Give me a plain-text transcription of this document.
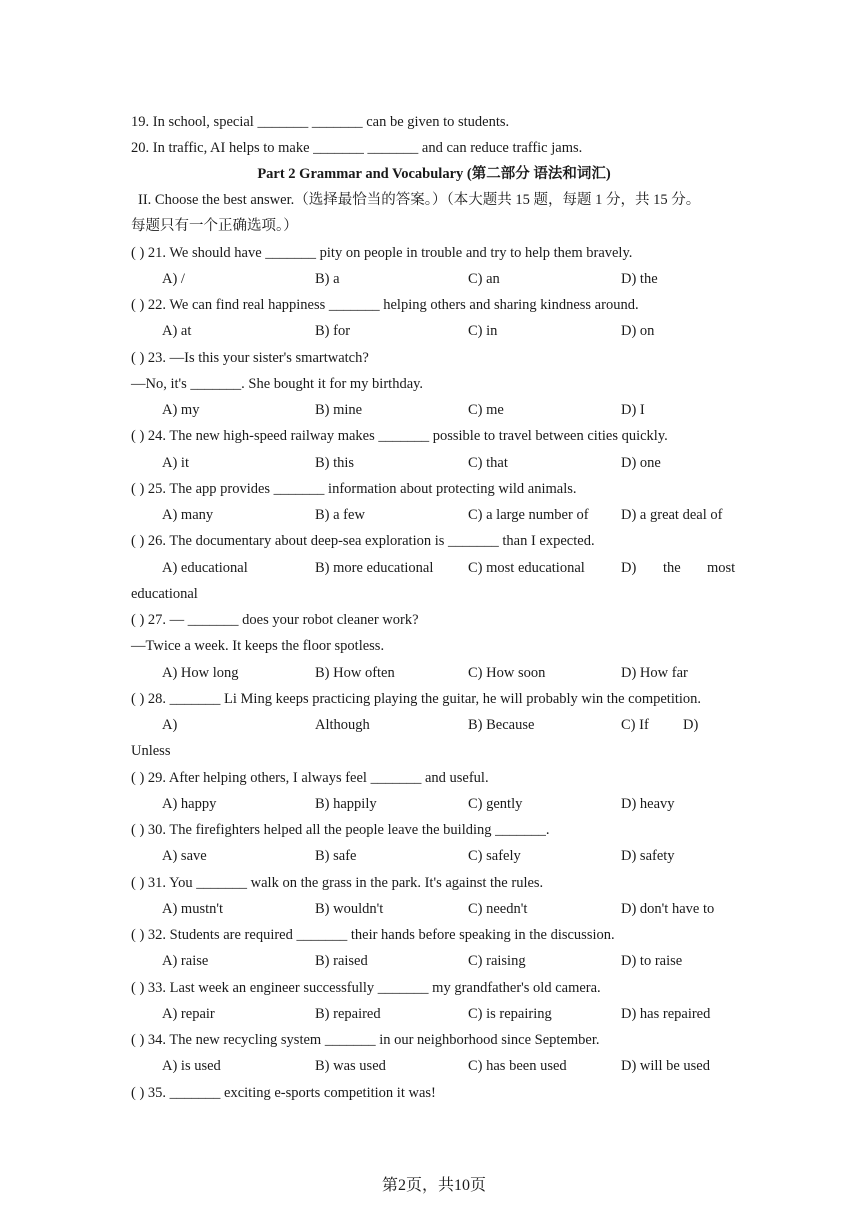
19. In school, special _______ _______ can be given to students.
20. In traffic, AI helps to make _______ _______ and can reduce traffic jams.
Part 2 Grammar and Vocabulary (第二部分 语法和词汇)
II. Choose the best answer.（选择最恰当的答案。）（本大题共 15 题，每题 1 分，共 15 分。
每题只有一个正确选项。）
( ) 21. We should have _______ pity on people in trouble and try to help them bravely.
A) /	B) a	C) an	D) the
( ) 22. We can find real happiness _______ helping others and sharing kindness around.
A) at	B) for	C) in	D) on
( ) 23. —Is this your sister's smartwatch?
—No, it's _______. She bought it for my birthday.
A) my	B) mine	C) me	D) I
( ) 24. The new high-speed railway makes _______ possible to travel between cities quickly.
A) it	B) this	C) that	D) one
( ) 25. The app provides _______ information about protecting wild animals.
A) many	B) a few	C) a large number of D) a great deal of
( ) 26. The documentary about deep-sea exploration is _______ than I expected.
A) educational	B) more educational C) most educational D) the most
educational
( ) 27. — _______ does your robot cleaner work?
—Twice a week. It keeps the floor spotless.
A) How long	B) How often	C) How soon	D) How far
( ) 28. _______ Li Ming keeps practicing playing the guitar, he will probably win the competition.
A)	Although	B) Because	C) If D)
Unless
( ) 29. After helping others, I always feel _______ and useful.
A) happy	B) happily	C) gently	D) heavy
( ) 30. The firefighters helped all the people leave the building _______.
A) save	B) safe	C) safely	D) safety
( ) 31. You _______ walk on the grass in the park. It's against the rules.
A) mustn't	B) wouldn't	C) needn't	D) don't have to
( ) 32. Students are required _______ their hands before speaking in the discussion.
A) raise	B) raised	C) raising	D) to raise
( ) 33. Last week an engineer successfully _______ my grandfather's old camera.
A) repair	B) repaired	C) is repairing	D) has repaired
( ) 34. The new recycling system _______ in our neighborhood since September.
A) is used	B) was used	C) has been used	D) will be used
( ) 35. _______ exciting e-sports competition it was!
第2页，共10页
